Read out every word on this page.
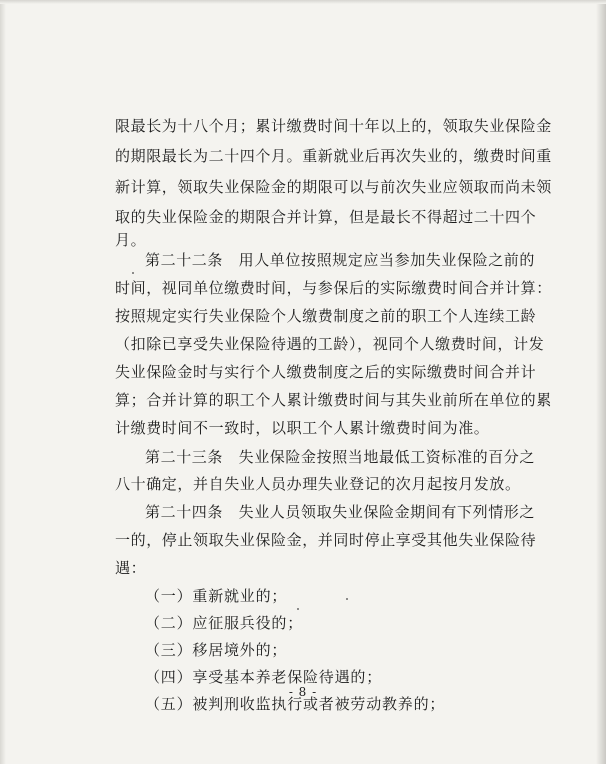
限最长为十八个月；累计缴费时间十年以上的，领取失业保险金
的期限最长为二十四个月。重新就业后再次失业的，缴费时间重
新计算，领取失业保险金的期限可以与前次失业应领取而尚未领
取的失业保险金的期限合并计算，但是最长不得超过二十四个
月。
第二十二条　用人单位按照规定应当参加失业保险之前的
时间，视同单位缴费时间，与参保后的实际缴费时间合并计算：
按照规定实行失业保险个人缴费制度之前的职工个人连续工龄
（扣除已享受失业保险待遇的工龄），视同个人缴费时间，计发
失业保险金时与实行个人缴费制度之后的实际缴费时间合并计
算；合并计算的职工个人累计缴费时间与其失业前所在单位的累
计缴费时间不一致时，以职工个人累计缴费时间为准。
第二十三条　失业保险金按照当地最低工资标准的百分之
八十确定，并自失业人员办理失业登记的次月起按月发放。
第二十四条　失业人员领取失业保险金期间有下列情形之
一的，停止领取失业保险金，并同时停止享受其他失业保险待
遇：
（一）重新就业的；
（二）应征服兵役的；
（三）移居境外的；
（四）享受基本养老保险待遇的；
（五）被判刑收监执行或者被劳动教养的；
- 8 -
